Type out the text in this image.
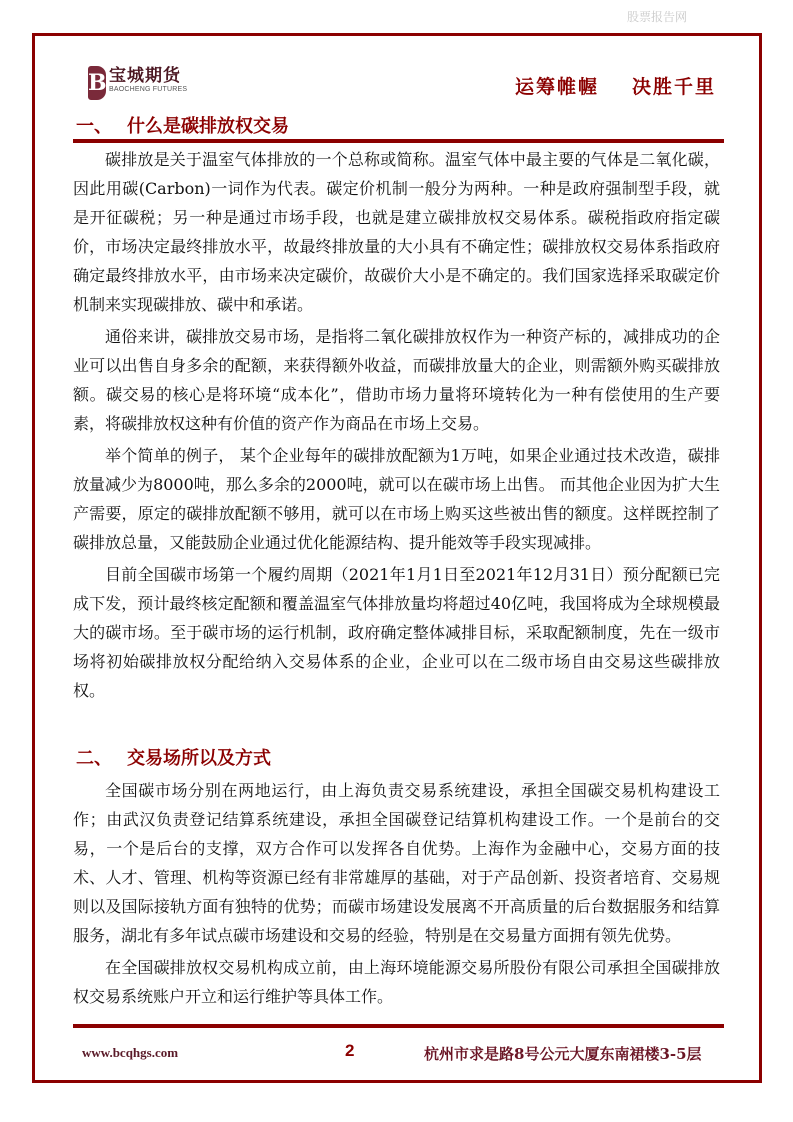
股票报告网
B 宝城期货
BAOCHENG FUTURES	运筹帷幄 决胜千里
一、 什么是碳排放权交易

碳排放是关于温室气体排放的一个总称或简称。温室气体中最主要的气体是二氧化碳，因此用碳(Carbon)一词作为代表。碳定价机制一般分为两种。一种是政府强制型手段，就是开征碳税；另一种是通过市场手段，也就是建立碳排放权交易体系。碳税指政府指定碳价，市场决定最终排放水平，故最终排放量的大小具有不确定性；碳排放权交易体系指政府确定最终排放水平，由市场来决定碳价，故碳价大小是不确定的。我们国家选择采取碳定价机制来实现碳排放、碳中和承诺。

通俗来讲，碳排放交易市场，是指将二氧化碳排放权作为一种资产标的，减排成功的企业可以出售自身多余的配额，来获得额外收益，而碳排放量大的企业，则需额外购买碳排放额。碳交易的核心是将环境“成本化”，借助市场力量将环境转化为一种有偿使用的生产要素，将碳排放权这种有价值的资产作为商品在市场上交易。

举个简单的例子， 某个企业每年的碳排放配额为1万吨，如果企业通过技术改造，碳排放量减少为8000吨，那么多余的2000吨，就可以在碳市场上出售。 而其他企业因为扩大生产需要，原定的碳排放配额不够用，就可以在市场上购买这些被出售的额度。这样既控制了碳排放总量，又能鼓励企业通过优化能源结构、提升能效等手段实现减排。

目前全国碳市场第一个履约周期（2021年1月1日至2021年12月31日）预分配额已完成下发，预计最终核定配额和覆盖温室气体排放量均将超过40亿吨，我国将成为全球规模最大的碳市场。至于碳市场的运行机制，政府确定整体减排目标，采取配额制度，先在一级市场将初始碳排放权分配给纳入交易体系的企业，企业可以在二级市场自由交易这些碳排放权。

二、 交易场所以及方式

全国碳市场分别在两地运行，由上海负责交易系统建设，承担全国碳交易机构建设工作；由武汉负责登记结算系统建设，承担全国碳登记结算机构建设工作。一个是前台的交易，一个是后台的支撑，双方合作可以发挥各自优势。上海作为金融中心，交易方面的技术、人才、管理、机构等资源已经有非常雄厚的基础，对于产品创新、投资者培育、交易规则以及国际接轨方面有独特的优势；而碳市场建设发展离不开高质量的后台数据服务和结算服务，湖北有多年试点碳市场建设和交易的经验，特别是在交易量方面拥有领先优势。

在全国碳排放权交易机构成立前，由上海环境能源交易所股份有限公司承担全国碳排放权交易系统账户开立和运行维护等具体工作。

www.bcqhgs.com	2	杭州市求是路8号公元大厦东南裙楼3-5层
